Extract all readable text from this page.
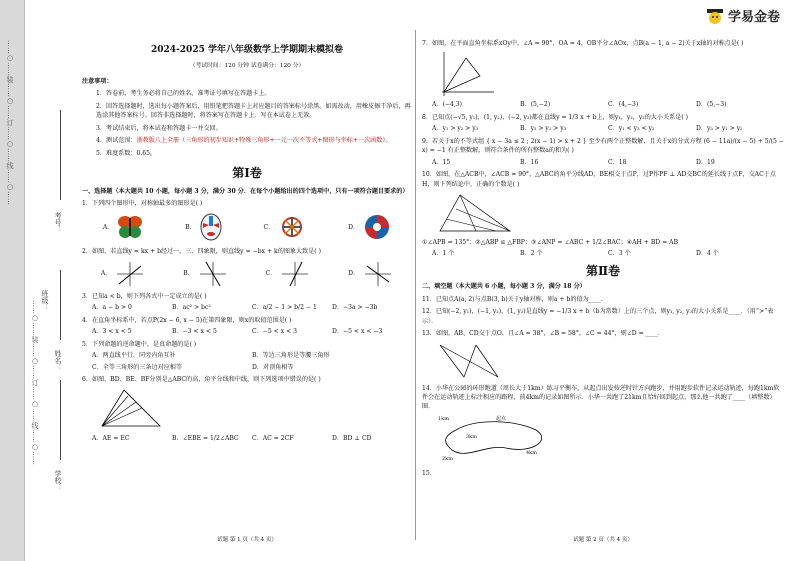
……○……装……○……订……○……线……○……
……○……装……○……订……○……线……○……
学校：
姓名：
班级：
考号：
学易金卷
2024-2025 学年八年级数学上学期期末模拟卷
（考试时间：120 分钟 试卷满分：120 分）
注意事项：
1．答卷前，考生务必将自己的姓名、准考证号填写在答题卡上。
2．回答选择题时，选出每小题答案后，用铅笔把答题卡上对应题目的答案标号涂黑。如需改动，用橡皮擦干净后，再选涂其他答案标号。回答非选择题时，将答案写在答题卡上．写在本试卷上无效。
3．考试结束后，将本试卷和答题卡一并交回。
4．测试范围：浙教版八上全册（三角形的初步知识+特殊三角形+一元一次不等式+图形与坐标+一次函数）。
5．难度系数：0.65。
第Ⅰ卷
一、选择题（本大题共 10 小题，每小题 3 分，满分 30 分．在每个小题给出的四个选项中，只有一项符合题目要求的）
1．下列四个图形中，对称轴最多的图形是( )
A．	B．	C．	D．
2．如图，若直线y = kx + b经过一、三、四象限，则直线y = −bx + k的图象大致是( )
A．	B．	C．	D．
3．已知a < b，则下列各式中一定成立的是( )
A．a − b > 0	B．ac² > bc²	C．a/2 − 1 > b/2 − 1	D．−3a > −3b
4．在直角坐标系中，若点P(2x − 6, x − 5)在第四象限，则x的取值范围是( )
A．3 < x < 5	B．−3 < x < 5	C．−5 < x < 3	D．−5 < x < −3
5．下列命题的逆命题中，是真命题的是( )
A．两直线平行，同旁内角互补	B．等边三角形是等腰三角形
C．全等三角形的三条边对应相等	D．对顶角相等
6．如图，BD、BE、BF分别是△ABC的高、角平分线和中线，则下列选项中错误的是( )
A．AE = EC	B．∠EBE = 1/2∠ABC	C．AC = 2CF	D．BD ⊥ CD
试题 第 1 页（共 4 页）
7．如图，在平面直角坐标系xOy中，∠A = 90°，OA = 4，OB平分∠AOx，点B(a − 1, a − 2)关于x轴的对称点是( )
A．(−4,3)	B．(5,−2)	C．(4,−3)	D．(5,−3)
8．已知点(−√5, y₁)，(1, y₂)，(−2, y₃)都在直线y = 1/3 x + b上，则y₁，y₂，y₃的大小关系是( )
A．y₁ > y₂ > y₃	B．y₂ > y₁ > y₃	C．y₁ < y₃ < y₂	D．y₃ > y₁ > y₂
9．若关于x的不等式组 { x − 3a ≤ 2 ; 2(x − 1) > x + 2 } 至少有两个正整数解，且关于x的分式方程 (6 − 11a)/(x − 5) + 5/(5 − x) = −1 有正整数解，则符合条件的所有整数a的和为( )
A．15	B．16	C．18	D．19
10．如图，在△ACB中，∠ACB = 90°，△ABC的角平分线AD、BE相交于点P，过P作PF ⊥ AD交BC的延长线于点F，交AC于点H，则下列结论中，正确的个数是( )
①∠APB = 135°；②△ABP ≌ △FBP；③∠ANP = ∠ABC + 1/2∠BAC；④AH + BD = AB
A．1 个	B．2 个	C．3 个	D．4 个
第Ⅱ卷
二、填空题（本大题共 6 小题，每小题 3 分，满分 18 分）
11．已知点A(a, 2)与点B(3, b)关于y轴对称，则a + b的值为____．
12．已知(−2, y₁)，(−1, y₂)，(1, y₃)是直线y = −1/3 x + b（b为常数）上的三个点，则y₁, y₂, y₃的大小关系是____．（用“>”表示）．
13．如图，AB、CD交于点O，且∠A = 38°，∠B = 58°，∠C = 44°，则∠D = ____．
14．小华在公园的环形跑道（周长大于1km）练习平衡车，从起点出发按逆时针方向跑步，并用跑步软件记录运动轨迹，每跑1km软件会在运动轨迹上标注相应的路程，前4km的记录如图所示．小华一共跑了21km且恰好回到起点，那么他一共跑了____（填整数）圈．
1km	起点
3km
4km
2km
15．
试题 第 2 页（共 4 页）
